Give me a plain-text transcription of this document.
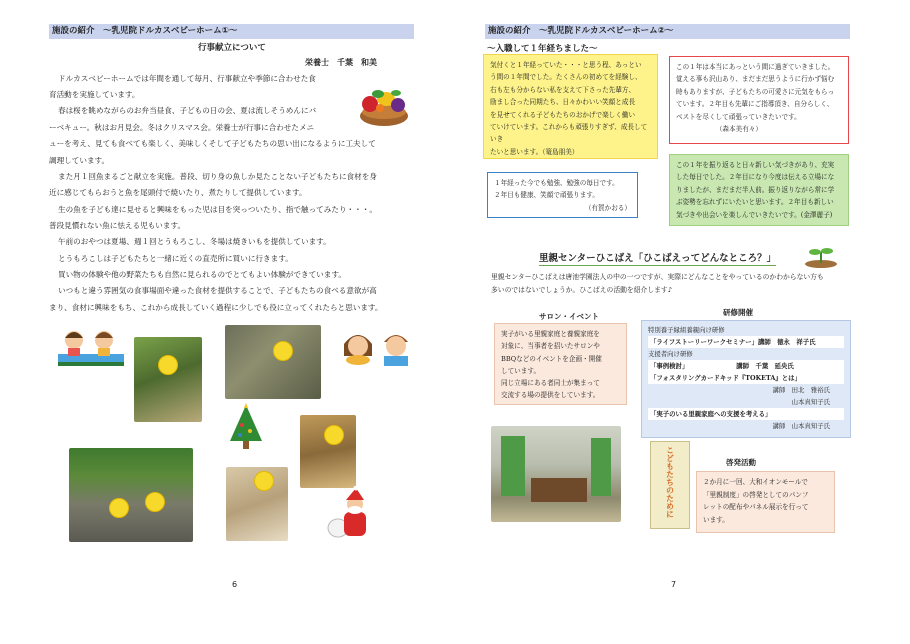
施設の紹介　〜乳児院ドルカスベビーホーム①〜
行事献立について
栄養士　千葉　和美
ドルカスベビーホームでは年間を通して毎月、行事献立や季節に合わせた食
育活動を実施しています。
春は桜を眺めながらのお弁当昼食、子どもの日の会、夏は流しそうめんにバ
ーベキュー。秋はお月見会。冬はクリスマス会。栄養士が行事に合わせたメニ
ューを考え、見ても食べても楽しく、美味しくそして子どもたちの思い出になるように工夫して
調理しています。
また月１回魚まるごと献立を実施。普段、切り身の魚しか見たことない子どもたちに食材を身
近に感じてもらおうと魚を尾頭付で焼いたり、煮たりして提供しています。
生の魚を子ども達に見せると興味をもった児は目を突っついたり、指で触ってみたり・・・。
普段見慣れない魚に怯える児もいます。
午前のおやつは夏場、週１回とうもろこし、冬場は焼きいもを提供しています。
とうもろこしは子どもたちと一緒に近くの直売所に買いに行きます。
買い物の体験や他の野菜たちも自然に見られるのでとてもよい体験ができています。
いつもと違う雰囲気の食事場面や違った食材を提供することで、子どもたちの食べる意欲が高
まり、食材に興味をもち、これから成長していく過程に少しでも役に立ってくれたらと思います。
6
施設の紹介　〜乳児院ドルカスベビーホーム②〜
〜入職して１年経ちました〜
気付くと１年経っていた・・・と思う程、あっとい
う間の１年間でした。たくさんの初めてを経験し、
右も左も分からない私を支えて下さった先輩方、
励まし合った同期たち、日々かわいい笑顔と成長
を見せてくれる子どもたちのおかげで楽しく働い
ていけています。これからも頑張りすぎず、成長していき
たいと思います。（篭島朋美）
この１年は本当にあっという間に過ぎていきました。
覚える事も沢山あり、まだまだ思うように行かず悩む
時もありますが、子どもたちの可愛さに元気をもらっ
ています。２年目も先輩にご指導頂き、自分らしく、
ベストを尽くして頑張っていきたいです。
（森本美有々）
１年経った今でも勉強、勉強の毎日です。
２年目も健康、笑顔で頑張ります。
（有賀かおる）
この１年を振り返ると日々新しい気づきがあり、充実
した毎日でした。２年目になり今度は伝える立場にな
りましたが、まだまだ半人前。振り返りながら常に学
ぶ姿勢を忘れずにいたいと思います。２年目も新しい
気づきや出会いを楽しんでいきたいです。(金澤麗子)
里親センターひこばえ「ひこばえってどんなところ？」
里親センターひこばえは唐池学園法人の中の一つですが、実際にどんなことをやっているのかわからない方も
多いのではないでしょうか。ひこばえの活動を紹介します♪
サロン・イベント
実子がいる里親家庭と養親家庭を
対象に、当事者を招いたサロンや
BBQなどのイベントを企画・開催
しています。
同じ立場にある者同士が集まって
交流する場の提供をしています。
研修開催
特別養子縁組養親向け研修
「ライフストーリーワークセミナー」講師　徳永　祥子氏
支援者向け研修
「事例検討」　　　　　　　　講師　千葉　延央氏
「フォスタリングカードキッド『TOKETA』とは」
講師　田北　雅裕氏
山本真知子氏
「実子のいる里親家庭への支援を考える」
講師　山本真知子氏
啓発活動
２か月に一回、大和イオンモールで
「里親制度」の啓発としてのパンフ
レットの配布やパネル展示を行って
います。
こどもたちのために
7
